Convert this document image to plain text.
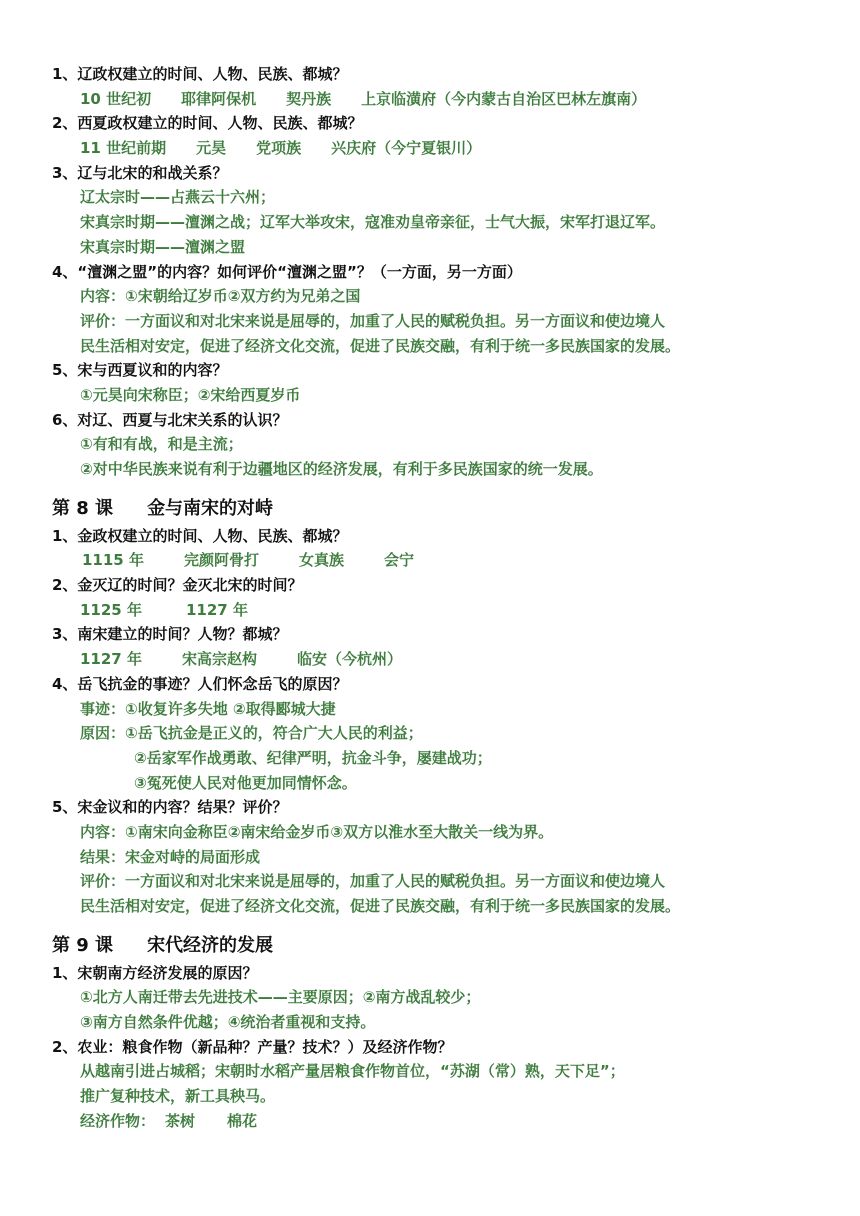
1、辽政权建立的时间、人物、民族、都城？
10 世纪初 耶律阿保机 契丹族 上京临潢府（今内蒙古自治区巴林左旗南）
2、西夏政权建立的时间、人物、民族、都城？
11 世纪前期 元昊 党项族 兴庆府（今宁夏银川）
3、辽与北宋的和战关系？
辽太宗时——占燕云十六州；
宋真宗时期——澶渊之战；辽军大举攻宋，寇准劝皇帝亲征，士气大振，宋军打退辽军。
宋真宗时期——澶渊之盟
4、“澶渊之盟”的内容？如何评价“澶渊之盟”？（一方面，另一方面）
内容：①宋朝给辽岁币②双方约为兄弟之国
评价：一方面议和对北宋来说是屈辱的，加重了人民的赋税负担。另一方面议和使边境人
民生活相对安定，促进了经济文化交流，促进了民族交融，有利于统一多民族国家的发展。
5、宋与西夏议和的内容？
①元昊向宋称臣；②宋给西夏岁币
6、对辽、西夏与北宋关系的认识？
①有和有战，和是主流；
②对中华民族来说有利于边疆地区的经济发展，有利于多民族国家的统一发展。
第 8 课 金与南宋的对峙
1、金政权建立的时间、人物、民族、都城？
1115 年	完颜阿骨打	女真族	会宁
2、金灭辽的时间？金灭北宋的时间？
1125 年	1127 年
3、南宋建立的时间？人物？都城？
1127 年	宋高宗赵构	临安（今杭州）
4、岳飞抗金的事迹？人们怀念岳飞的原因？
事迹：①收复许多失地 ②取得郾城大捷
原因：①岳飞抗金是正义的，符合广大人民的利益；
②岳家军作战勇敢、纪律严明，抗金斗争，屡建战功；
③冤死使人民对他更加同情怀念。
5、宋金议和的内容？结果？评价？
内容：①南宋向金称臣②南宋给金岁币③双方以淮水至大散关一线为界。
结果：宋金对峙的局面形成
评价：一方面议和对北宋来说是屈辱的，加重了人民的赋税负担。另一方面议和使边境人
民生活相对安定，促进了经济文化交流，促进了民族交融，有利于统一多民族国家的发展。
第 9 课 宋代经济的发展
1、宋朝南方经济发展的原因？
①北方人南迁带去先进技术——主要原因；②南方战乱较少；
③南方自然条件优越；④统治者重视和支持。
2、农业：粮食作物（新品种？产量？技术？）及经济作物？
从越南引进占城稻；宋朝时水稻产量居粮食作物首位，“苏湖（常）熟，天下足”；
推广复种技术，新工具秧马。
经济作物： 茶树 棉花
